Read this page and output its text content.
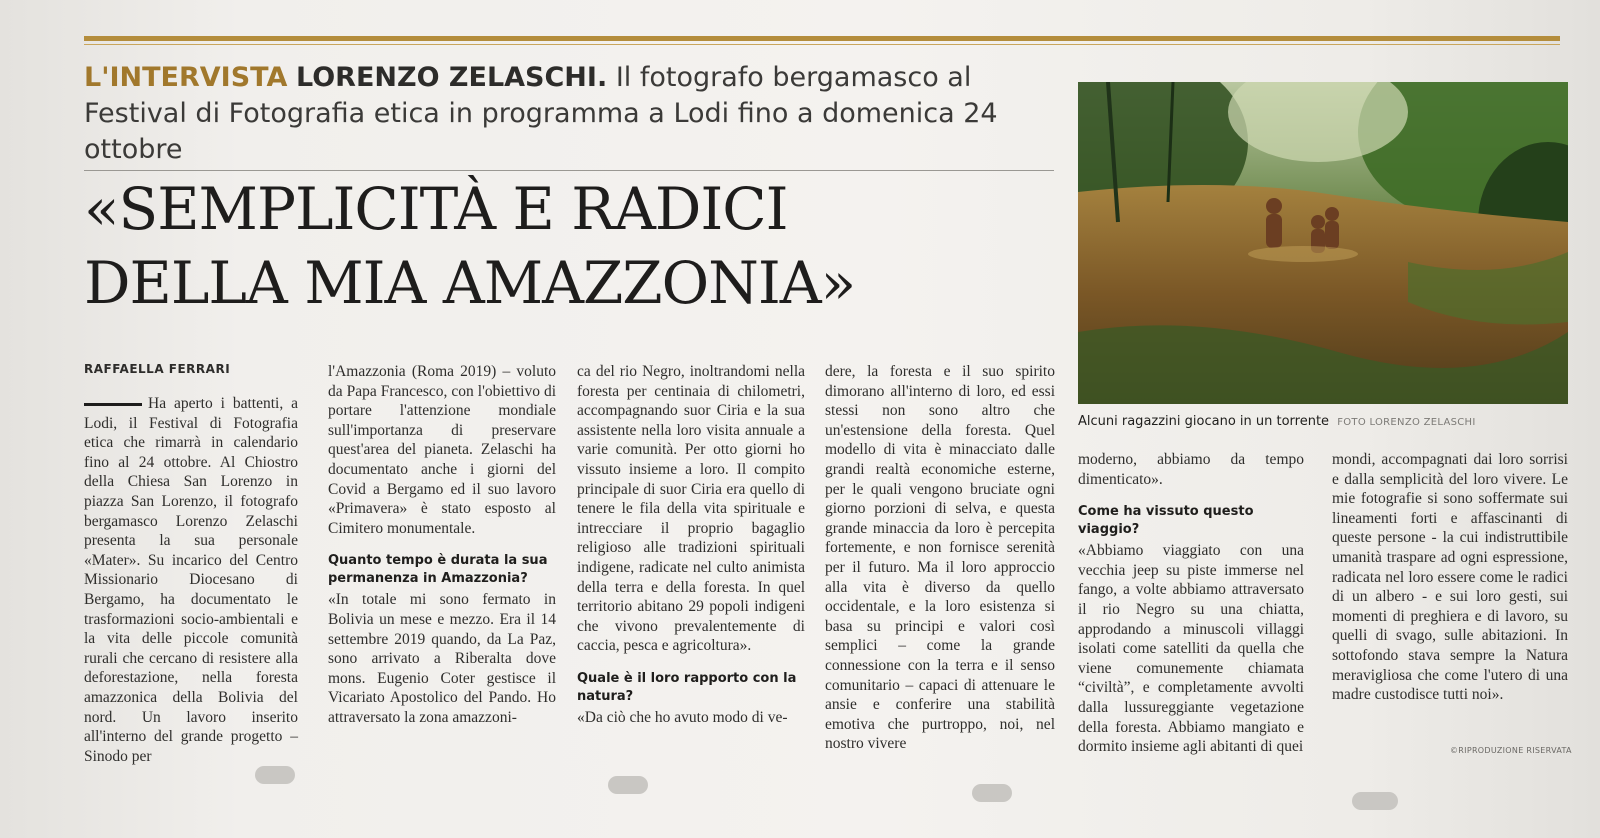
L'INTERVISTA LORENZO ZELASCHI. Il fotografo bergamasco al Festival di Fotografia etica in programma a Lodi fino a domenica 24 ottobre
«SEMPLICITÀ E RADICI
DELLA MIA AMAZZONIA»
RAFFAELLA FERRARI

Ha aperto i battenti, a Lodi, il Festival di Fotografia etica che rimarrà in calendario fino al 24 ottobre. Al Chiostro della Chiesa San Lorenzo in piazza San Lorenzo, il fotografo bergamasco Lorenzo Zelaschi presenta la sua personale «Mater». Su incarico del Centro Missionario Diocesano di Bergamo, ha documentato le trasformazioni socio-ambientali e la vita delle piccole comunità rurali che cercano di resistere alla deforestazione, nella foresta amazzonica della Bolivia del nord. Un lavoro inserito all'interno del grande progetto – Sinodo per

l'Amazzonia (Roma 2019) – voluto da Papa Francesco, con l'obiettivo di portare l'attenzione mondiale sull'importanza di preservare quest'area del pianeta. Zelaschi ha documentato anche i giorni del Covid a Bergamo ed il suo lavoro «Primavera» è stato esposto al Cimitero monumentale.

Quanto tempo è durata la sua permanenza in Amazzonia?

«In totale mi sono fermato in Bolivia un mese e mezzo. Era il 14 settembre 2019 quando, da La Paz, sono arrivato a Riberalta dove mons. Eugenio Coter gestisce il Vicariato Apostolico del Pando. Ho attraversato la zona amazzoni-

ca del rio Negro, inoltrandomi nella foresta per centinaia di chilometri, accompagnando suor Ciria e la sua assistente nella loro visita annuale a varie comunità. Per otto giorni ho vissuto insieme a loro. Il compito principale di suor Ciria era quello di tenere le fila della vita spirituale e intrecciare il proprio bagaglio religioso alle tradizioni spirituali indigene, radicate nel culto animista della terra e della foresta. In quel territorio abitano 29 popoli indigeni che vivono prevalentemente di caccia, pesca e agricoltura».

Quale è il loro rapporto con la natura?

«Da ciò che ho avuto modo di ve-

dere, la foresta e il suo spirito dimorano all'interno di loro, ed essi stessi non sono altro che un'estensione della foresta. Quel modello di vita è minacciato dalle grandi realtà economiche esterne, per le quali vengono bruciate ogni giorno porzioni di selva, e questa grande minaccia da loro è percepita fortemente, e non fornisce serenità per il futuro. Ma il loro approccio alla vita è diverso da quello occidentale, e la loro esistenza si basa su principi e valori così semplici – come la grande connessione con la terra e il senso comunitario – capaci di attenuare le ansie e conferire una stabilità emotiva che purtroppo, noi, nel nostro vivere

Alcuni ragazzini giocano in un torrente FOTO LORENZO ZELASCHI

moderno, abbiamo da tempo dimenticato».

Come ha vissuto questo viaggio?

«Abbiamo viaggiato con una vecchia jeep su piste immerse nel fango, a volte abbiamo attraversato il rio Negro su una chiatta, approdando a minuscoli villaggi isolati come satelliti da quella che viene comunemente chiamata “civiltà”, e completamente avvolti dalla lussureggiante vegetazione della foresta. Abbiamo mangiato e dormito insieme agli abitanti di quei

mondi, accompagnati dai loro sorrisi e dalla semplicità del loro vivere. Le mie fotografie si sono soffermate sui lineamenti forti e affascinanti di queste persone - la cui indistruttibile umanità traspare ad ogni espressione, radicata nel loro essere come le radici di un albero - e sui loro gesti, sui momenti di preghiera e di lavoro, su quelli di svago, sulle abitazioni. In sottofondo stava sempre la Natura meravigliosa che come l'utero di una madre custodisce tutti noi».

©RIPRODUZIONE RISERVATA
